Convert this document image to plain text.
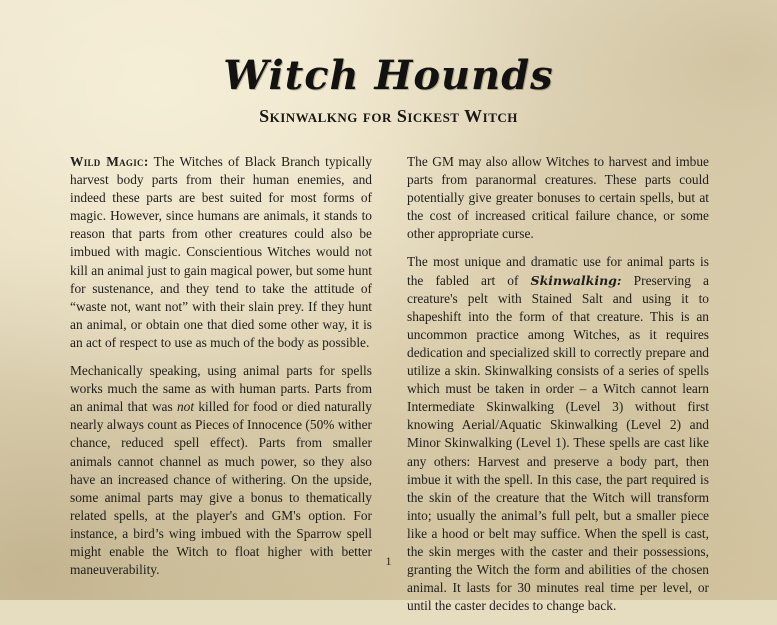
Witch Hounds
Skinwalkng for Sickest Witch

Wild Magic: The Witches of Black Branch typically harvest body parts from their human enemies, and indeed these parts are best suited for most forms of magic. However, since humans are animals, it stands to reason that parts from other creatures could also be imbued with magic. Conscientious Witches would not kill an animal just to gain magical power, but some hunt for sustenance, and they tend to take the attitude of “waste not, want not” with their slain prey. If they hunt an animal, or obtain one that died some other way, it is an act of respect to use as much of the body as possible.

Mechanically speaking, using animal parts for spells works much the same as with human parts. Parts from an animal that was not killed for food or died naturally nearly always count as Pieces of Innocence (50% wither chance, reduced spell effect). Parts from smaller animals cannot channel as much power, so they also have an increased chance of withering. On the upside, some animal parts may give a bonus to thematically related spells, at the player's and GM's option. For instance, a bird’s wing imbued with the Sparrow spell might enable the Witch to float higher with better maneuverability.

The GM may also allow Witches to harvest and imbue parts from paranormal creatures. These parts could potentially give greater bonuses to certain spells, but at the cost of increased critical failure chance, or some other appropriate curse.

The most unique and dramatic use for animal parts is the fabled art of Skinwalking: Preserving a creature's pelt with Stained Salt and using it to shapeshift into the form of that creature. This is an uncommon practice among Witches, as it requires dedication and specialized skill to correctly prepare and utilize a skin. Skinwalking consists of a series of spells which must be taken in order – a Witch cannot learn Intermediate Skinwalking (Level 3) without first knowing Aerial/Aquatic Skinwalking (Level 2) and Minor Skinwalking (Level 1). These spells are cast like any others: Harvest and preserve a body part, then imbue it with the spell. In this case, the part required is the skin of the creature that the Witch will transform into; usually the animal’s full pelt, but a smaller piece like a hood or belt may suffice. When the spell is cast, the skin merges with the caster and their possessions, granting the Witch the form and abilities of the chosen animal. It lasts for 30 minutes real time per level, or until the caster decides to change back.

1
